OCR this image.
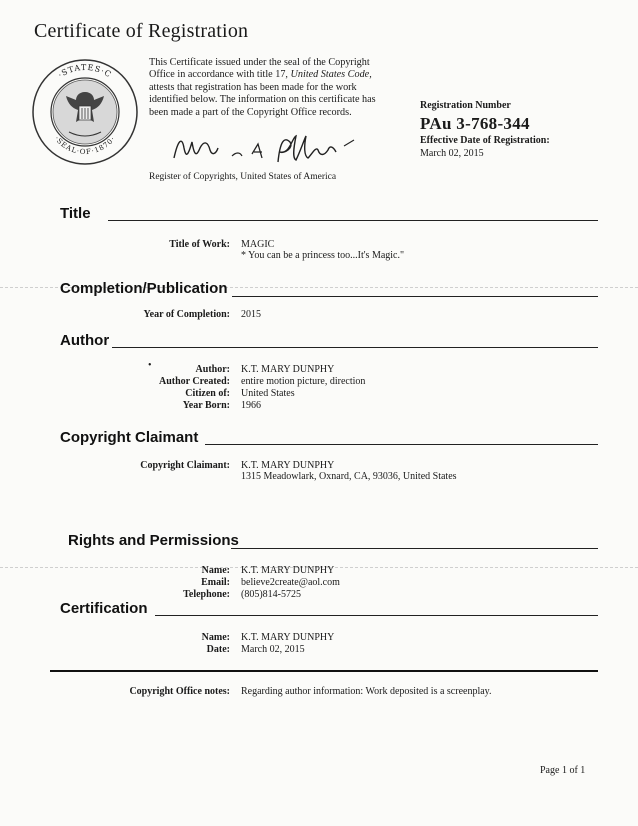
Certificate of Registration
·STATES·C
·SEAL·OF·1870·
This Certificate issued under the seal of the Copyright
Office in accordance with title 17, United States Code,
attests that registration has been made for the work
identified below. The information on this certificate has
been made a part of the Copyright Office records.
Register of Copyrights, United States of America
Registration Number
PAu 3-768-344
Effective Date of Registration:
March 02, 2015
Title
Title of Work: MAGIC
* You can be a princess too...It's Magic."
Completion/Publication
Year of Completion: 2015
Author
•	Author: K.T. MARY DUNPHY
Author Created: entire motion picture, direction
Citizen of: United States
Year Born: 1966
Copyright Claimant
Copyright Claimant: K.T. MARY DUNPHY
1315 Meadowlark, Oxnard, CA, 93036, United States
Rights and Permissions
Name: K.T. MARY DUNPHY
Email: believe2create@aol.com
Telephone: (805)814-5725
Certification
Name: K.T. MARY DUNPHY
Date: March 02, 2015
Copyright Office notes: Regarding author information: Work deposited is a screenplay.
Page 1 of 1
